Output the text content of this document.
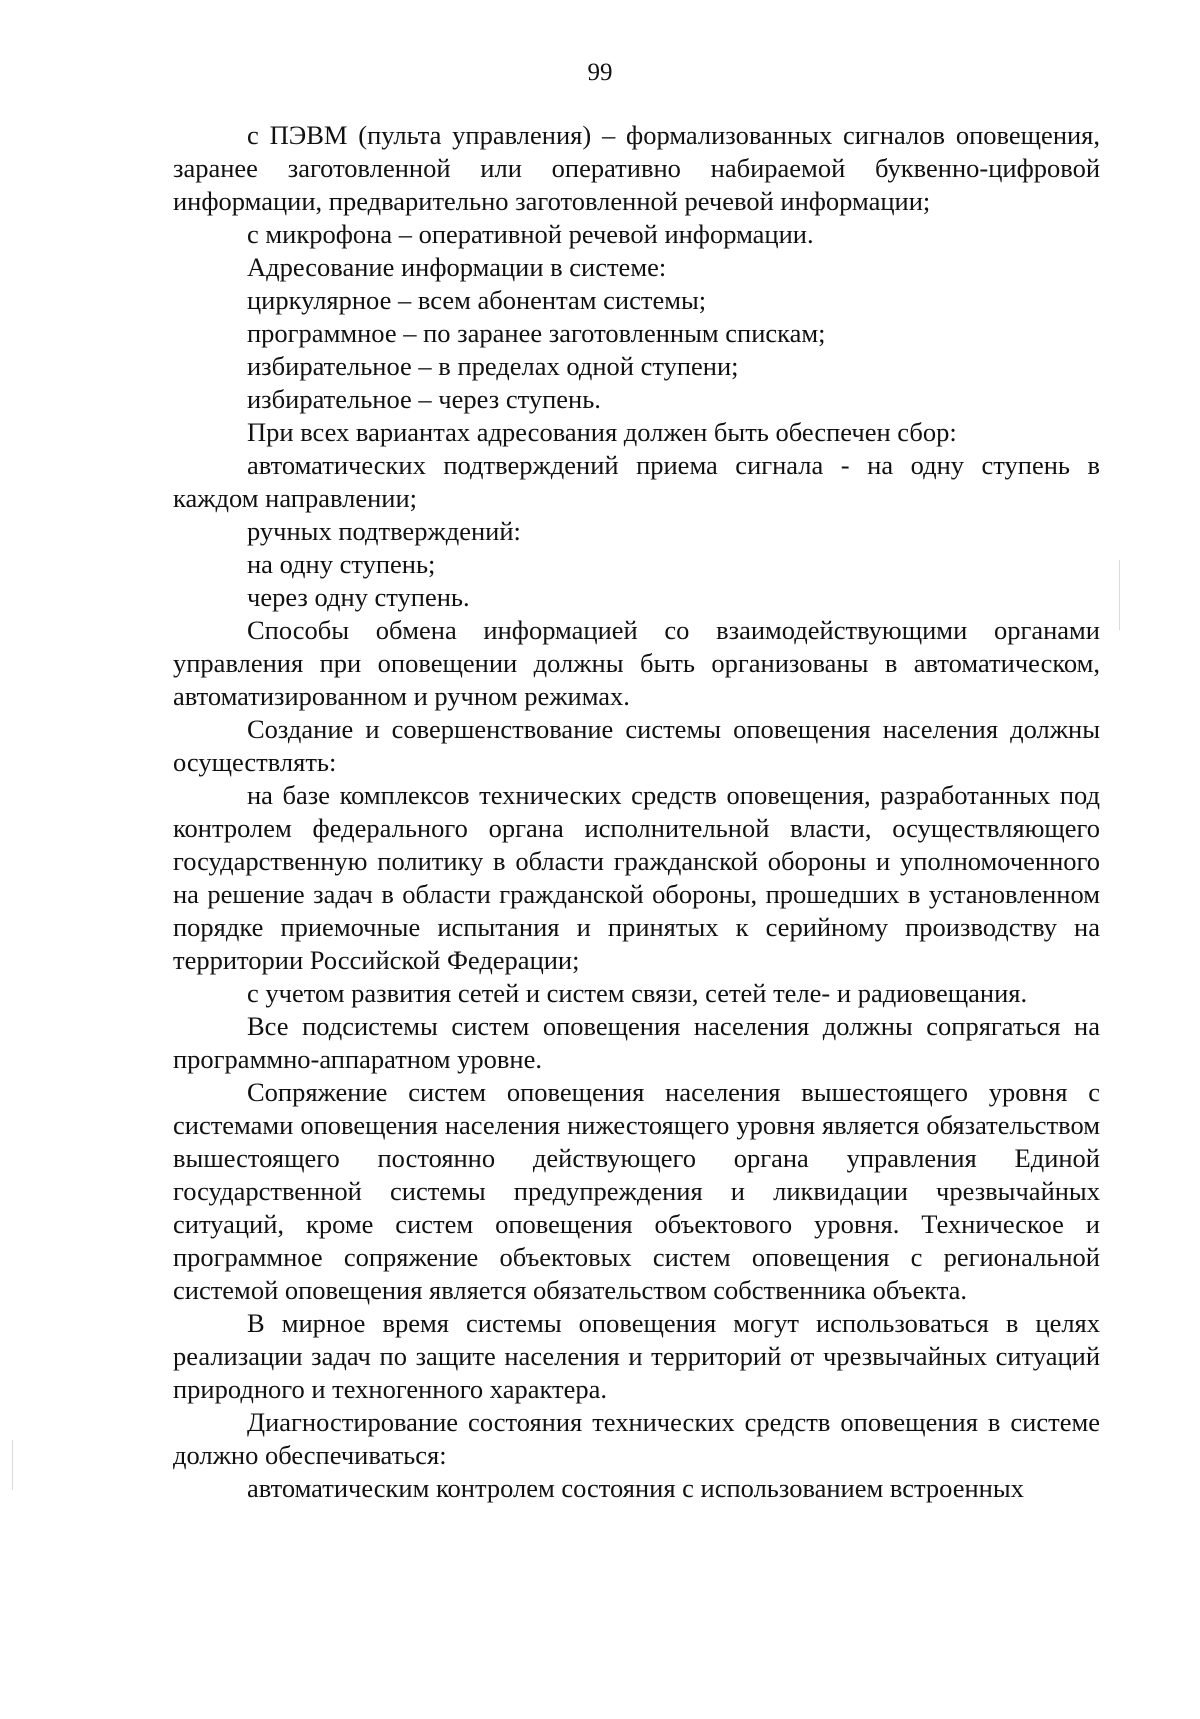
99

с ПЭВМ (пульта управления) – формализованных сигналов оповещения, заранее заготовленной или оперативно набираемой буквенно-цифровой информации, предварительно заготовленной речевой информации;

с микрофона – оперативной речевой информации.

Адресование информации в системе:

циркулярное – всем абонентам системы;

программное – по заранее заготовленным спискам;

избирательное – в пределах одной ступени;

избирательное – через ступень.

При всех вариантах адресования должен быть обеспечен сбор:

автоматических подтверждений приема сигнала - на одну ступень в каждом направлении;

ручных подтверждений:

на одну ступень;

через одну ступень.

Способы обмена информацией со взаимодействующими органами управления при оповещении должны быть организованы в автоматическом, автоматизированном и ручном режимах.

Создание и совершенствование системы оповещения населения должны осуществлять:

на базе комплексов технических средств оповещения, разработанных под контролем федерального органа исполнительной власти, осуществляющего государственную политику в области гражданской обороны и уполномоченного на решение задач в области гражданской обороны, прошедших в установленном порядке приемочные испытания и принятых к серийному производству на территории Российской Федерации;

с учетом развития сетей и систем связи, сетей теле- и радиовещания.

Все подсистемы систем оповещения населения должны сопрягаться на программно-аппаратном уровне.

Сопряжение систем оповещения населения вышестоящего уровня с системами оповещения населения нижестоящего уровня является обязательством вышестоящего постоянно действующего органа управления Единой государственной системы предупреждения и ликвидации чрезвычайных ситуаций, кроме систем оповещения объектового уровня. Техническое и программное сопряжение объектовых систем оповещения с региональной системой оповещения является обязательством собственника объекта.

В мирное время системы оповещения могут использоваться в целях реализации задач по защите населения и территорий от чрезвычайных ситуаций природного и техногенного характера.

Диагностирование состояния технических средств оповещения в системе должно обеспечиваться:

автоматическим контролем состояния с использованием встроенных
